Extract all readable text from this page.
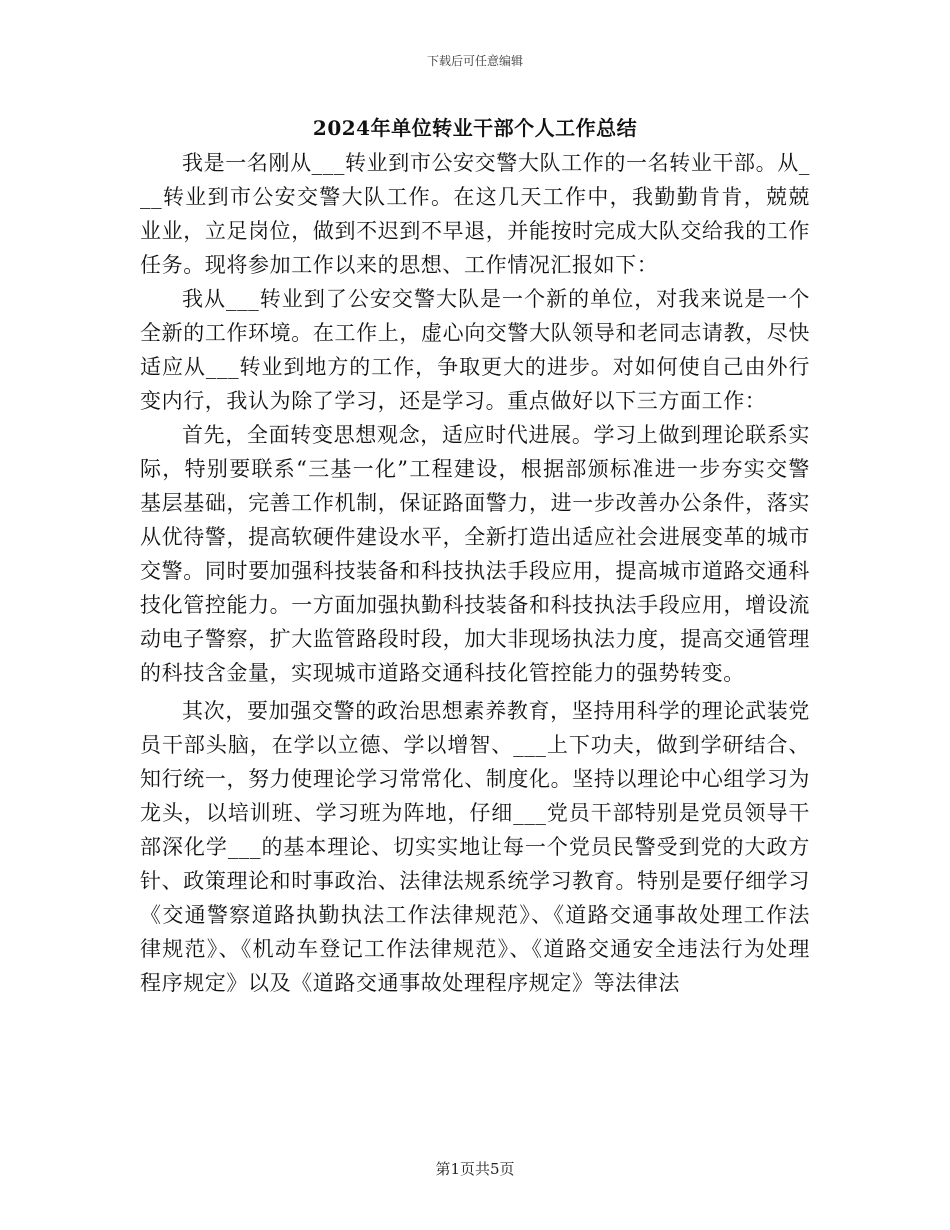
下载后可任意编辑
2024年单位转业干部个人工作总结

我是一名刚从___转业到市公安交警大队工作的一名转业干部。从___转业到市公安交警大队工作。在这几天工作中，我勤勤肯肯，兢兢业业，立足岗位，做到不迟到不早退，并能按时完成大队交给我的工作任务。现将参加工作以来的思想、工作情况汇报如下：

我从___转业到了公安交警大队是一个新的单位，对我来说是一个全新的工作环境。在工作上，虚心向交警大队领导和老同志请教，尽快适应从___转业到地方的工作，争取更大的进步。对如何使自己由外行变内行，我认为除了学习，还是学习。重点做好以下三方面工作：

首先，全面转变思想观念，适应时代进展。学习上做到理论联系实际，特别要联系“三基一化”工程建设，根据部颁标准进一步夯实交警基层基础，完善工作机制，保证路面警力，进一步改善办公条件，落实从优待警，提高软硬件建设水平，全新打造出适应社会进展变革的城市交警。同时要加强科技装备和科技执法手段应用，提高城市道路交通科技化管控能力。一方面加强执勤科技装备和科技执法手段应用，增设流动电子警察，扩大监管路段时段，加大非现场执法力度，提高交通管理的科技含金量，实现城市道路交通科技化管控能力的强势转变。

其次，要加强交警的政治思想素养教育，坚持用科学的理论武装党员干部头脑，在学以立德、学以增智、___上下功夫，做到学研结合、知行统一，努力使理论学习常常化、制度化。坚持以理论中心组学习为龙头，以培训班、学习班为阵地，仔细___党员干部特别是党员领导干部深化学___的基本理论、切实实地让每一个党员民警受到党的大政方针、政策理论和时事政治、法律法规系统学习教育。特别是要仔细学习《交通警察道路执勤执法工作法律规范》、《道路交通事故处理工作法律规范》、《机动车登记工作法律规范》、《道路交通安全违法行为处理程序规定》以及《道路交通事故处理程序规定》等法律法

第1页共5页
